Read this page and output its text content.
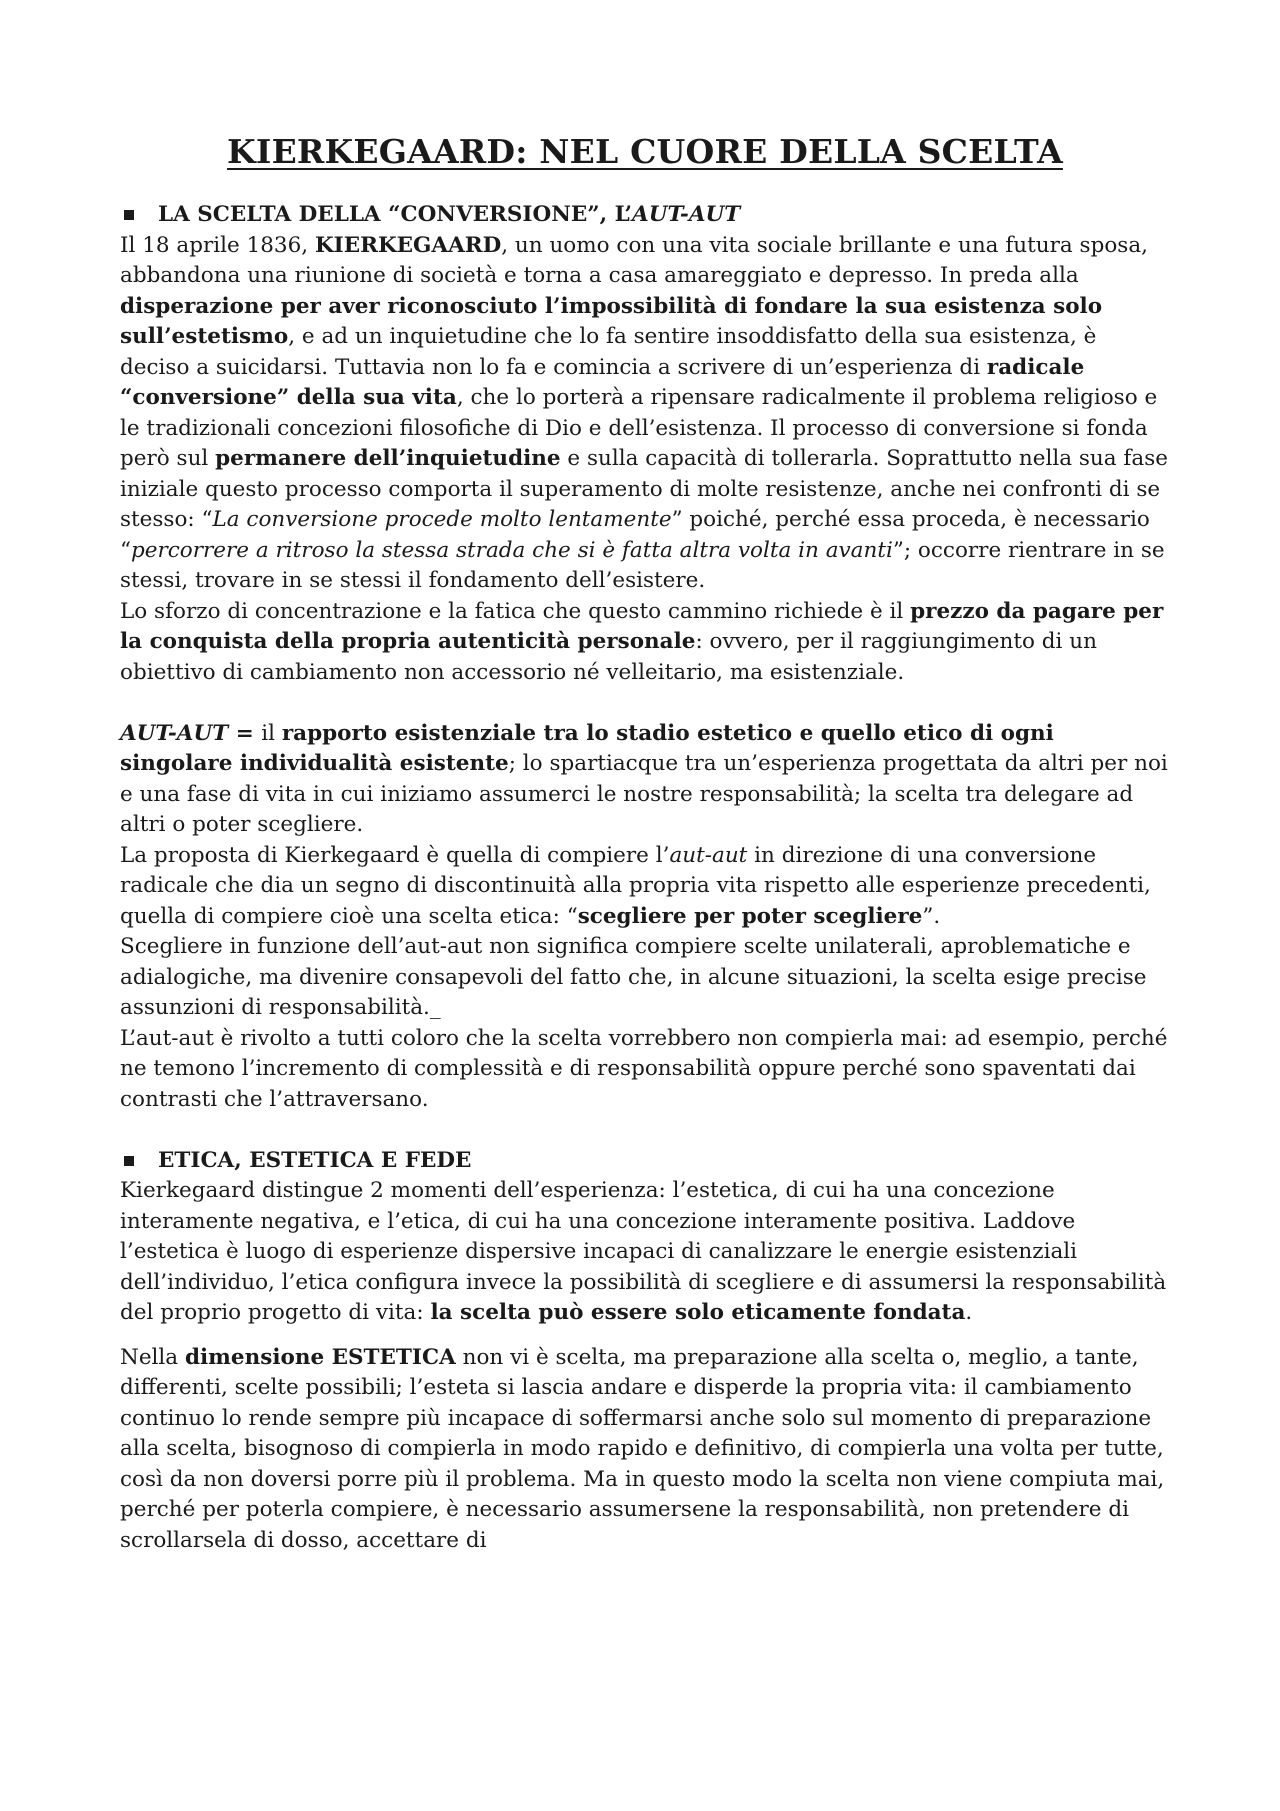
KIERKEGAARD: NEL CUORE DELLA SCELTA
LA SCELTA DELLA “CONVERSIONE”, L’AUT-AUT

Il 18 aprile 1836, KIERKEGAARD, un uomo con una vita sociale brillante e una futura sposa, abbandona una riunione di società e torna a casa amareggiato e depresso. In preda alla disperazione per aver riconosciuto l’impossibilità di fondare la sua esistenza solo sull’estetismo, e ad un inquietudine che lo fa sentire insoddisfatto della sua esistenza, è deciso a suicidarsi. Tuttavia non lo fa e comincia a scrivere di un’esperienza di radicale “conversione” della sua vita, che lo porterà a ripensare radicalmente il problema religioso e le tradizionali concezioni filosofiche di Dio e dell’esistenza. Il processo di conversione si fonda però sul permanere dell’inquietudine e sulla capacità di tollerarla. Soprattutto nella sua fase iniziale questo processo comporta il superamento di molte resistenze, anche nei confronti di se stesso: “La conversione procede molto lentamente” poiché, perché essa proceda, è necessario “percorrere a ritroso la stessa strada che si è fatta altra volta in avanti”; occorre rientrare in se stessi, trovare in se stessi il fondamento dell’esistere.

Lo sforzo di concentrazione e la fatica che questo cammino richiede è il prezzo da pagare per la conquista della propria autenticità personale: ovvero, per il raggiungimento di un obiettivo di cambiamento non accessorio né velleitario, ma esistenziale.

AUT-AUT = il rapporto esistenziale tra lo stadio estetico e quello etico di ogni singolare individualità esistente; lo spartiacque tra un’esperienza progettata da altri per noi e una fase di vita in cui iniziamo assumerci le nostre responsabilità; la scelta tra delegare ad altri o poter scegliere.

La proposta di Kierkegaard è quella di compiere l’aut-aut in direzione di una conversione radicale che dia un segno di discontinuità alla propria vita rispetto alle esperienze precedenti, quella di compiere cioè una scelta etica: “scegliere per poter scegliere”.

Scegliere in funzione dell’aut-aut non significa compiere scelte unilaterali, aproblematiche e adialogiche, ma divenire consapevoli del fatto che, in alcune situazioni, la scelta esige precise assunzioni di responsabilità._

L’aut-aut è rivolto a tutti coloro che la scelta vorrebbero non compierla mai: ad esempio, perché ne temono l’incremento di complessità e di responsabilità oppure perché sono spaventati dai contrasti che l’attraversano.

ETICA, ESTETICA E FEDE

Kierkegaard distingue 2 momenti dell’esperienza: l’estetica, di cui ha una concezione interamente negativa, e l’etica, di cui ha una concezione interamente positiva. Laddove l’estetica è luogo di esperienze dispersive incapaci di canalizzare le energie esistenziali dell’individuo, l’etica configura invece la possibilità di scegliere e di assumersi la responsabilità del proprio progetto di vita: la scelta può essere solo eticamente fondata.

Nella dimensione ESTETICA non vi è scelta, ma preparazione alla scelta o, meglio, a tante, differenti, scelte possibili; l’esteta si lascia andare e disperde la propria vita: il cambiamento continuo lo rende sempre più incapace di soffermarsi anche solo sul momento di preparazione alla scelta, bisognoso di compierla in modo rapido e definitivo, di compierla una volta per tutte, così da non doversi porre più il problema. Ma in questo modo la scelta non viene compiuta mai, perché per poterla compiere, è necessario assumersene la responsabilità, non pretendere di scrollarsela di dosso, accettare di
